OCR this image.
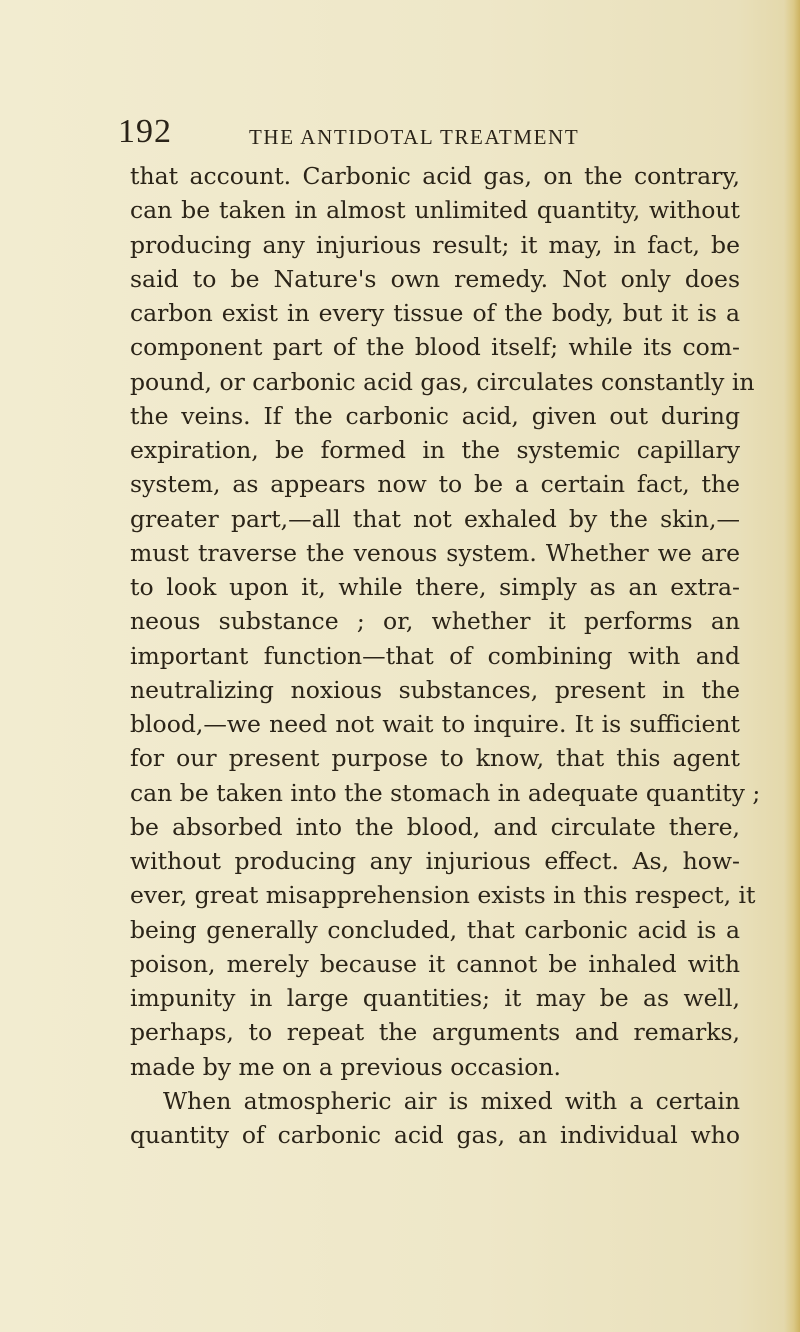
192	THE ANTIDOTAL TREATMENT
that account. Carbonic acid gas, on the contrary,
can be taken in almost unlimited quantity, without
producing any injurious result; it may, in fact, be
said to be Nature's own remedy. Not only does
carbon exist in every tissue of the body, but it is a
component part of the blood itself; while its com-
pound, or carbonic acid gas, circulates constantly in
the veins. If the carbonic acid, given out during
expiration, be formed in the systemic capillary
system, as appears now to be a certain fact, the
greater part,—all that not exhaled by the skin,—
must traverse the venous system. Whether we are
to look upon it, while there, simply as an extra-
neous substance ; or, whether it performs an
important function—that of combining with and
neutralizing noxious substances, present in the
blood,—we need not wait to inquire. It is sufficient
for our present purpose to know, that this agent
can be taken into the stomach in adequate quantity ;
be absorbed into the blood, and circulate there,
without producing any injurious effect. As, how-
ever, great misapprehension exists in this respect, it
being generally concluded, that carbonic acid is a
poison, merely because it cannot be inhaled with
impunity in large quantities; it may be as well,
perhaps, to repeat the arguments and remarks,
made by me on a previous occasion.
When atmospheric air is mixed with a certain
quantity of carbonic acid gas, an individual who
